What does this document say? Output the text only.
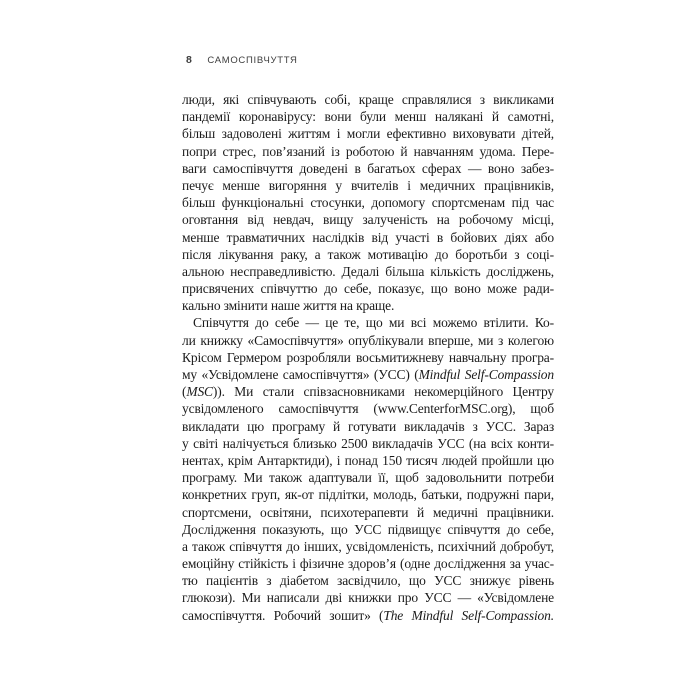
8 САМОСПІВЧУТТЯ
люди, які співчувають собі, краще справлялися з викликами
пандемії коронавірусу: вони були менш налякані й самотні,
більш задоволені життям і могли ефективно виховувати дітей,
попри стрес, пов’язаний із роботою й навчанням удома. Пере-
ваги самоспівчуття доведені в багатьох сферах — воно забез-
печує менше вигоряння у вчителів і медичних працівників,
більш функціональні стосунки, допомогу спортсменам під час
оговтання від невдач, вищу залученість на робочому місці,
менше травматичних наслідків від участі в бойових діях або
після лікування раку, а також мотивацію до боротьби з соці-
альною несправедливістю. Дедалі більша кількість досліджень,
присвячених співчуттю до себе, показує, що воно може ради-
кально змінити наше життя на краще.
Співчуття до себе — це те, що ми всі можемо втілити. Ко-
ли книжку «Самоспівчуття» опублікували вперше, ми з колегою
Крісом Гермером розробляли восьмитижневу навчальну програ-
му «Усвідомлене самоспівчуття» (УСС) (Mindful Self-Compassion
(MSC)). Ми стали співзасновниками некомерційного Центру
усвідомленого самоспівчуття (www.CenterforMSC.org), щоб
викладати цю програму й готувати викладачів з УСС. Зараз
у світі налічується близько 2500 викладачів УСС (на всіх конти-
нентах, крім Антарктиди), і понад 150 тисяч людей пройшли цю
програму. Ми також адаптували її, щоб задовольнити потреби
конкретних груп, як-от підлітки, молодь, батьки, подружні пари,
спортсмени, освітяни, психотерапевти й медичні працівники.
Дослідження показують, що УСС підвищує співчуття до себе,
а також співчуття до інших, усвідомленість, психічний добробут,
емоційну стійкість і фізичне здоров’я (одне дослідження за учас-
тю пацієнтів з діабетом засвідчило, що УСС знижує рівень
глюкози). Ми написали дві книжки про УСС — «Усвідомлене
самоспівчуття. Робочий зошит» (The Mindful Self-Compassion.
